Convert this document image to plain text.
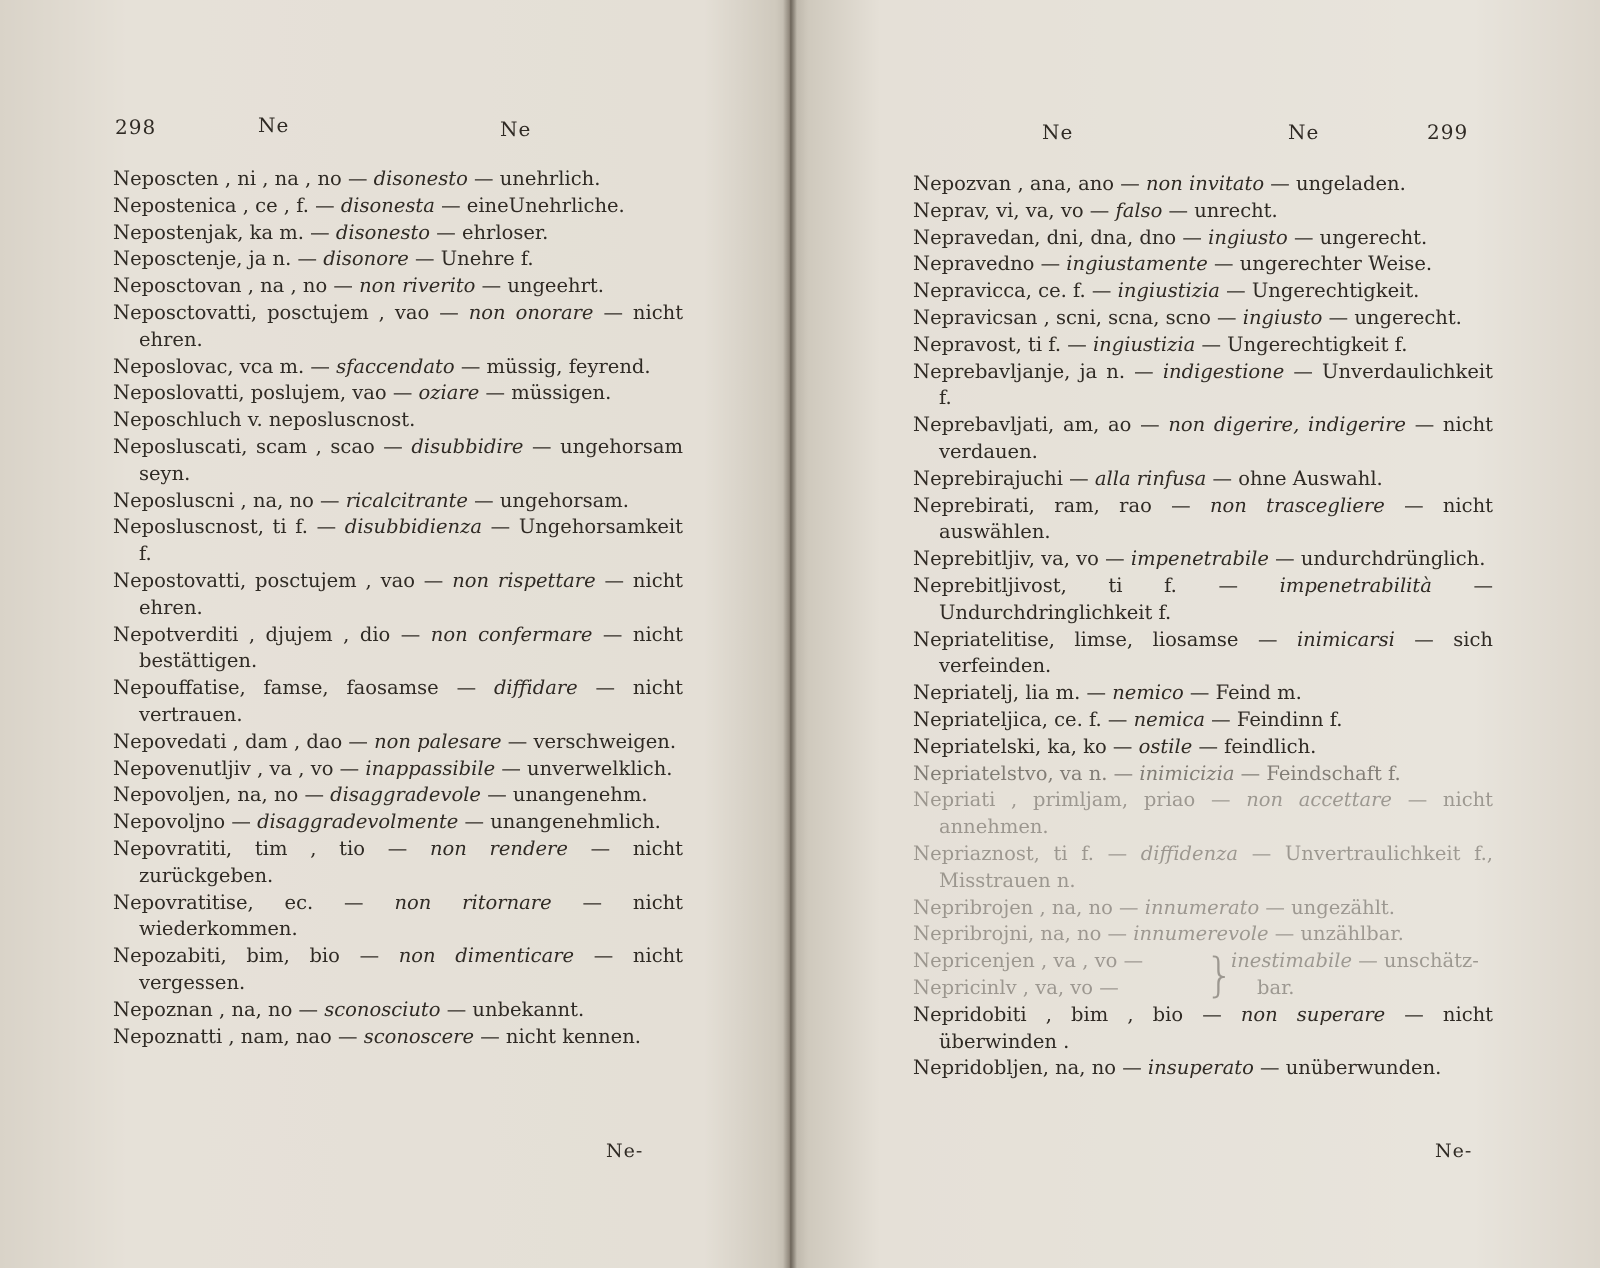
298	Ne	Ne
Neposcten , ni , na , no — disonesto — unehrlich.
Nepostenica , ce , f. — disonesta — eineUnehrliche.
Nepostenjak, ka m. — disonesto — ehrloser.
Neposctenje, ja n. — disonore — Unehre f.
Neposctovan , na , no — non riverito — ungeehrt.
Neposctovatti, posctujem , vao — non onorare — nicht ehren.
Neposlovac, vca m. — sfaccendato — müssig, feyrend.
Neposlovatti, poslujem, vao — oziare — müssigen.
Neposchluch v. neposluscnost.
Neposluscati, scam , scao — disubbidire — ungehorsam seyn.
Neposluscni , na, no — ricalcitrante — ungehorsam.
Neposluscnost, ti f. — disubbidienza — Ungehorsamkeit f.
Nepostovatti, posctujem , vao — non rispettare — nicht ehren.
Nepotverditi , djujem , dio — non confermare — nicht bestättigen.
Nepouffatise, famse, faosamse — diffidare — nicht vertrauen.
Nepovedati , dam , dao — non palesare — verschweigen.
Nepovenutljiv , va , vo — inappassibile — unverwelklich.
Nepovoljen, na, no — disaggradevole — unangenehm.
Nepovoljno — disaggradevolmente — unangenehmlich.
Nepovratiti, tim , tio — non rendere — nicht zurückgeben.
Nepovratitise, ec. — non ritornare — nicht wiederkommen.
Nepozabiti, bim, bio — non dimenticare — nicht vergessen.
Nepoznan , na, no — sconosciuto — unbekannt.
Nepoznatti , nam, nao — sconoscere — nicht kennen.
Ne-
Ne	Ne	299
Nepozvan , ana, ano — non invitato — ungeladen.
Neprav, vi, va, vo — falso — unrecht.
Nepravedan, dni, dna, dno — ingiusto — ungerecht.
Nepravedno — ingiustamente — ungerechter Weise.
Nepravicca, ce. f. — ingiustizia — Ungerechtigkeit.
Nepravicsan , scni, scna, scno — ingiusto — ungerecht.
Nepravost, ti f. — ingiustizia — Ungerechtigkeit f.
Neprebavljanje, ja n. — indigestione — Unverdaulichkeit f.
Neprebavljati, am, ao — non digerire, indigerire — nicht verdauen.
Neprebirajuchi — alla rinfusa — ohne Auswahl.
Neprebirati, ram, rao — non trascegliere — nicht auswählen.
Neprebitljiv, va, vo — impenetrabile — undurchdrünglich.
Neprebitljivost, ti f. — impenetrabilità — Undurchdringlichkeit f.
Nepriatelitise, limse, liosamse — inimicarsi — sich verfeinden.
Nepriatelj, lia m. — nemico — Feind m.
Nepriateljica, ce. f. — nemica — Feindinn f.
Nepriatelski, ka, ko — ostile — feindlich.
Nepriatelstvo, va n. — inimicizia — Feindschaft f.
Nepriati , primljam, priao — non accettare — nicht annehmen.
Nepriaznost, ti f. — diffidenza — Unvertraulichkeit f., Misstrauen n.
Nepribrojen , na, no — innumerato — ungezählt.
Nepribrojni, na, no — innumerevole — unzählbar.
Nepricenjen , va , vo —
Nepricinlv , va, vo —	}
inestimabile — unschätz-
bar.
Nepridobiti , bim , bio — non superare — nicht überwinden .
Nepridobljen, na, no — insuperato — unüberwunden.
Ne-
